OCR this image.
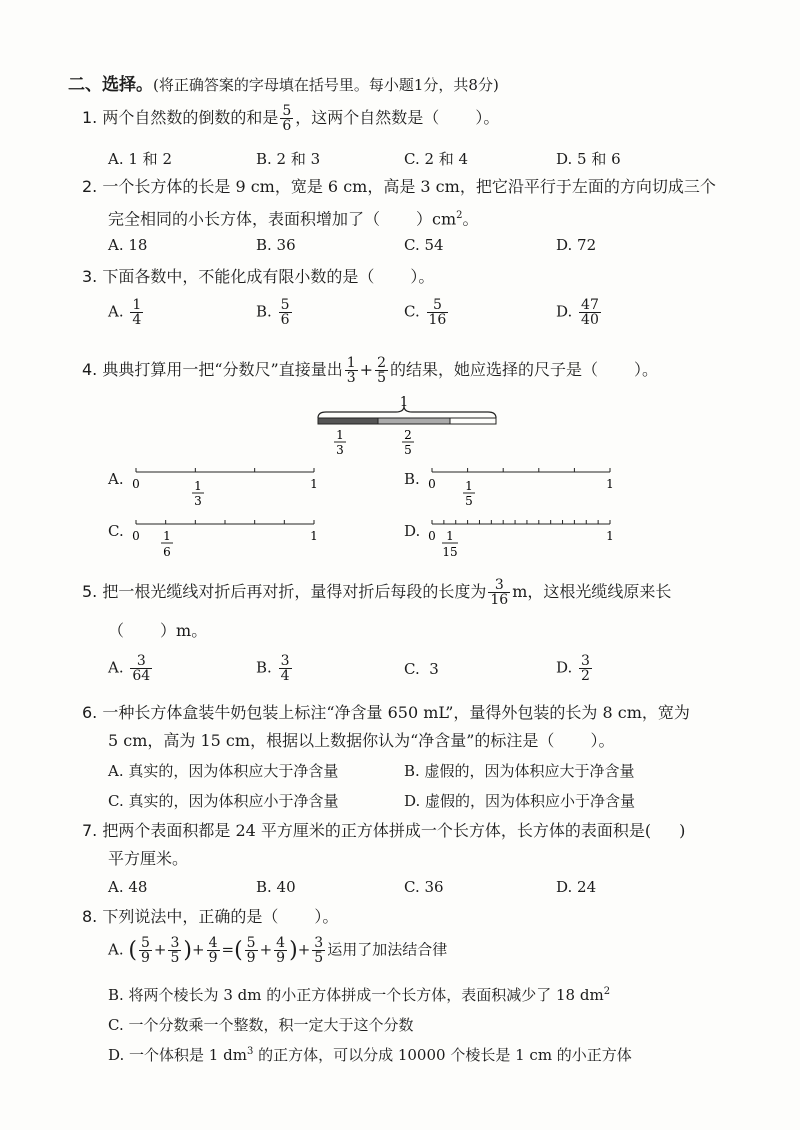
二、选择。(将正确答案的字母填在括号里。每小题1分，共8分)
1. 两个自然数的倒数的和是 $\frac{5}{6}$ ，这两个自然数是（ ）。
A. 1 和 2	B. 2 和 3	C. 2 和 4	D. 5 和 6
2. 一个长方体的长是 9 cm，宽是 6 cm，高是 3 cm，把它沿平行于左面的方向切成三个
完全相同的小长方体，表面积增加了（ ）$cm^2$。
A. 18	B. 36	C. 54	D. 72
3. 下面各数中，不能化成有限小数的是（ ）。
A. $\frac{1}{4}$	B. $\frac{5}{6}$	C. $\frac{5}{16}$	D. $\frac{47}{40}$
4. 典典打算用一把“分数尺”直接量出 $\frac{1}{3} + \frac{2}{5}$ 的结果，她应选择的尺子是（ ）。
1
1
3
2
5
A. 0	1
1
3
B. 0	1
1
5
C. 0	1
1
6
D. 0	1
1
15
5. 把一根光缆线对折后再对折，量得对折后每段的长度为 $\frac{3}{16}$ m，这根光缆线原来长
（ ）m。
A. $\frac{3}{64}$	B. $\frac{3}{4}$	C. 3	D. $\frac{3}{2}$
6. 一种长方体盒装牛奶包装上标注“净含量 650 mL”，量得外包装的长为 8 cm，宽为
5 cm，高为 15 cm，根据以上数据你认为“净含量”的标注是（ ）。
A. 真实的，因为体积应大于净含量	B. 虚假的，因为体积应大于净含量
C. 真实的，因为体积应小于净含量	D. 虚假的，因为体积应小于净含量
7. 把两个表面积都是 24 平方厘米的正方体拼成一个长方体，长方体的表面积是( )
平方厘米。
A. 48	B. 40	C. 36	D. 24
8. 下列说法中，正确的是（ ）。
A. ( $\frac{5}{9} + \frac{3}{5}$ )+ $\frac{4}{9}$ =( $\frac{5}{9} + \frac{4}{9}$ )+ $\frac{3}{5}$ 运用了加法结合律
B. 将两个棱长为 3 dm 的小正方体拼成一个长方体，表面积减少了 18 $dm^2$
C. 一个分数乘一个整数，积一定大于这个分数
D. 一个体积是 1 $dm^3$ 的正方体，可以分成 10000 个棱长是 1 cm 的小正方体
